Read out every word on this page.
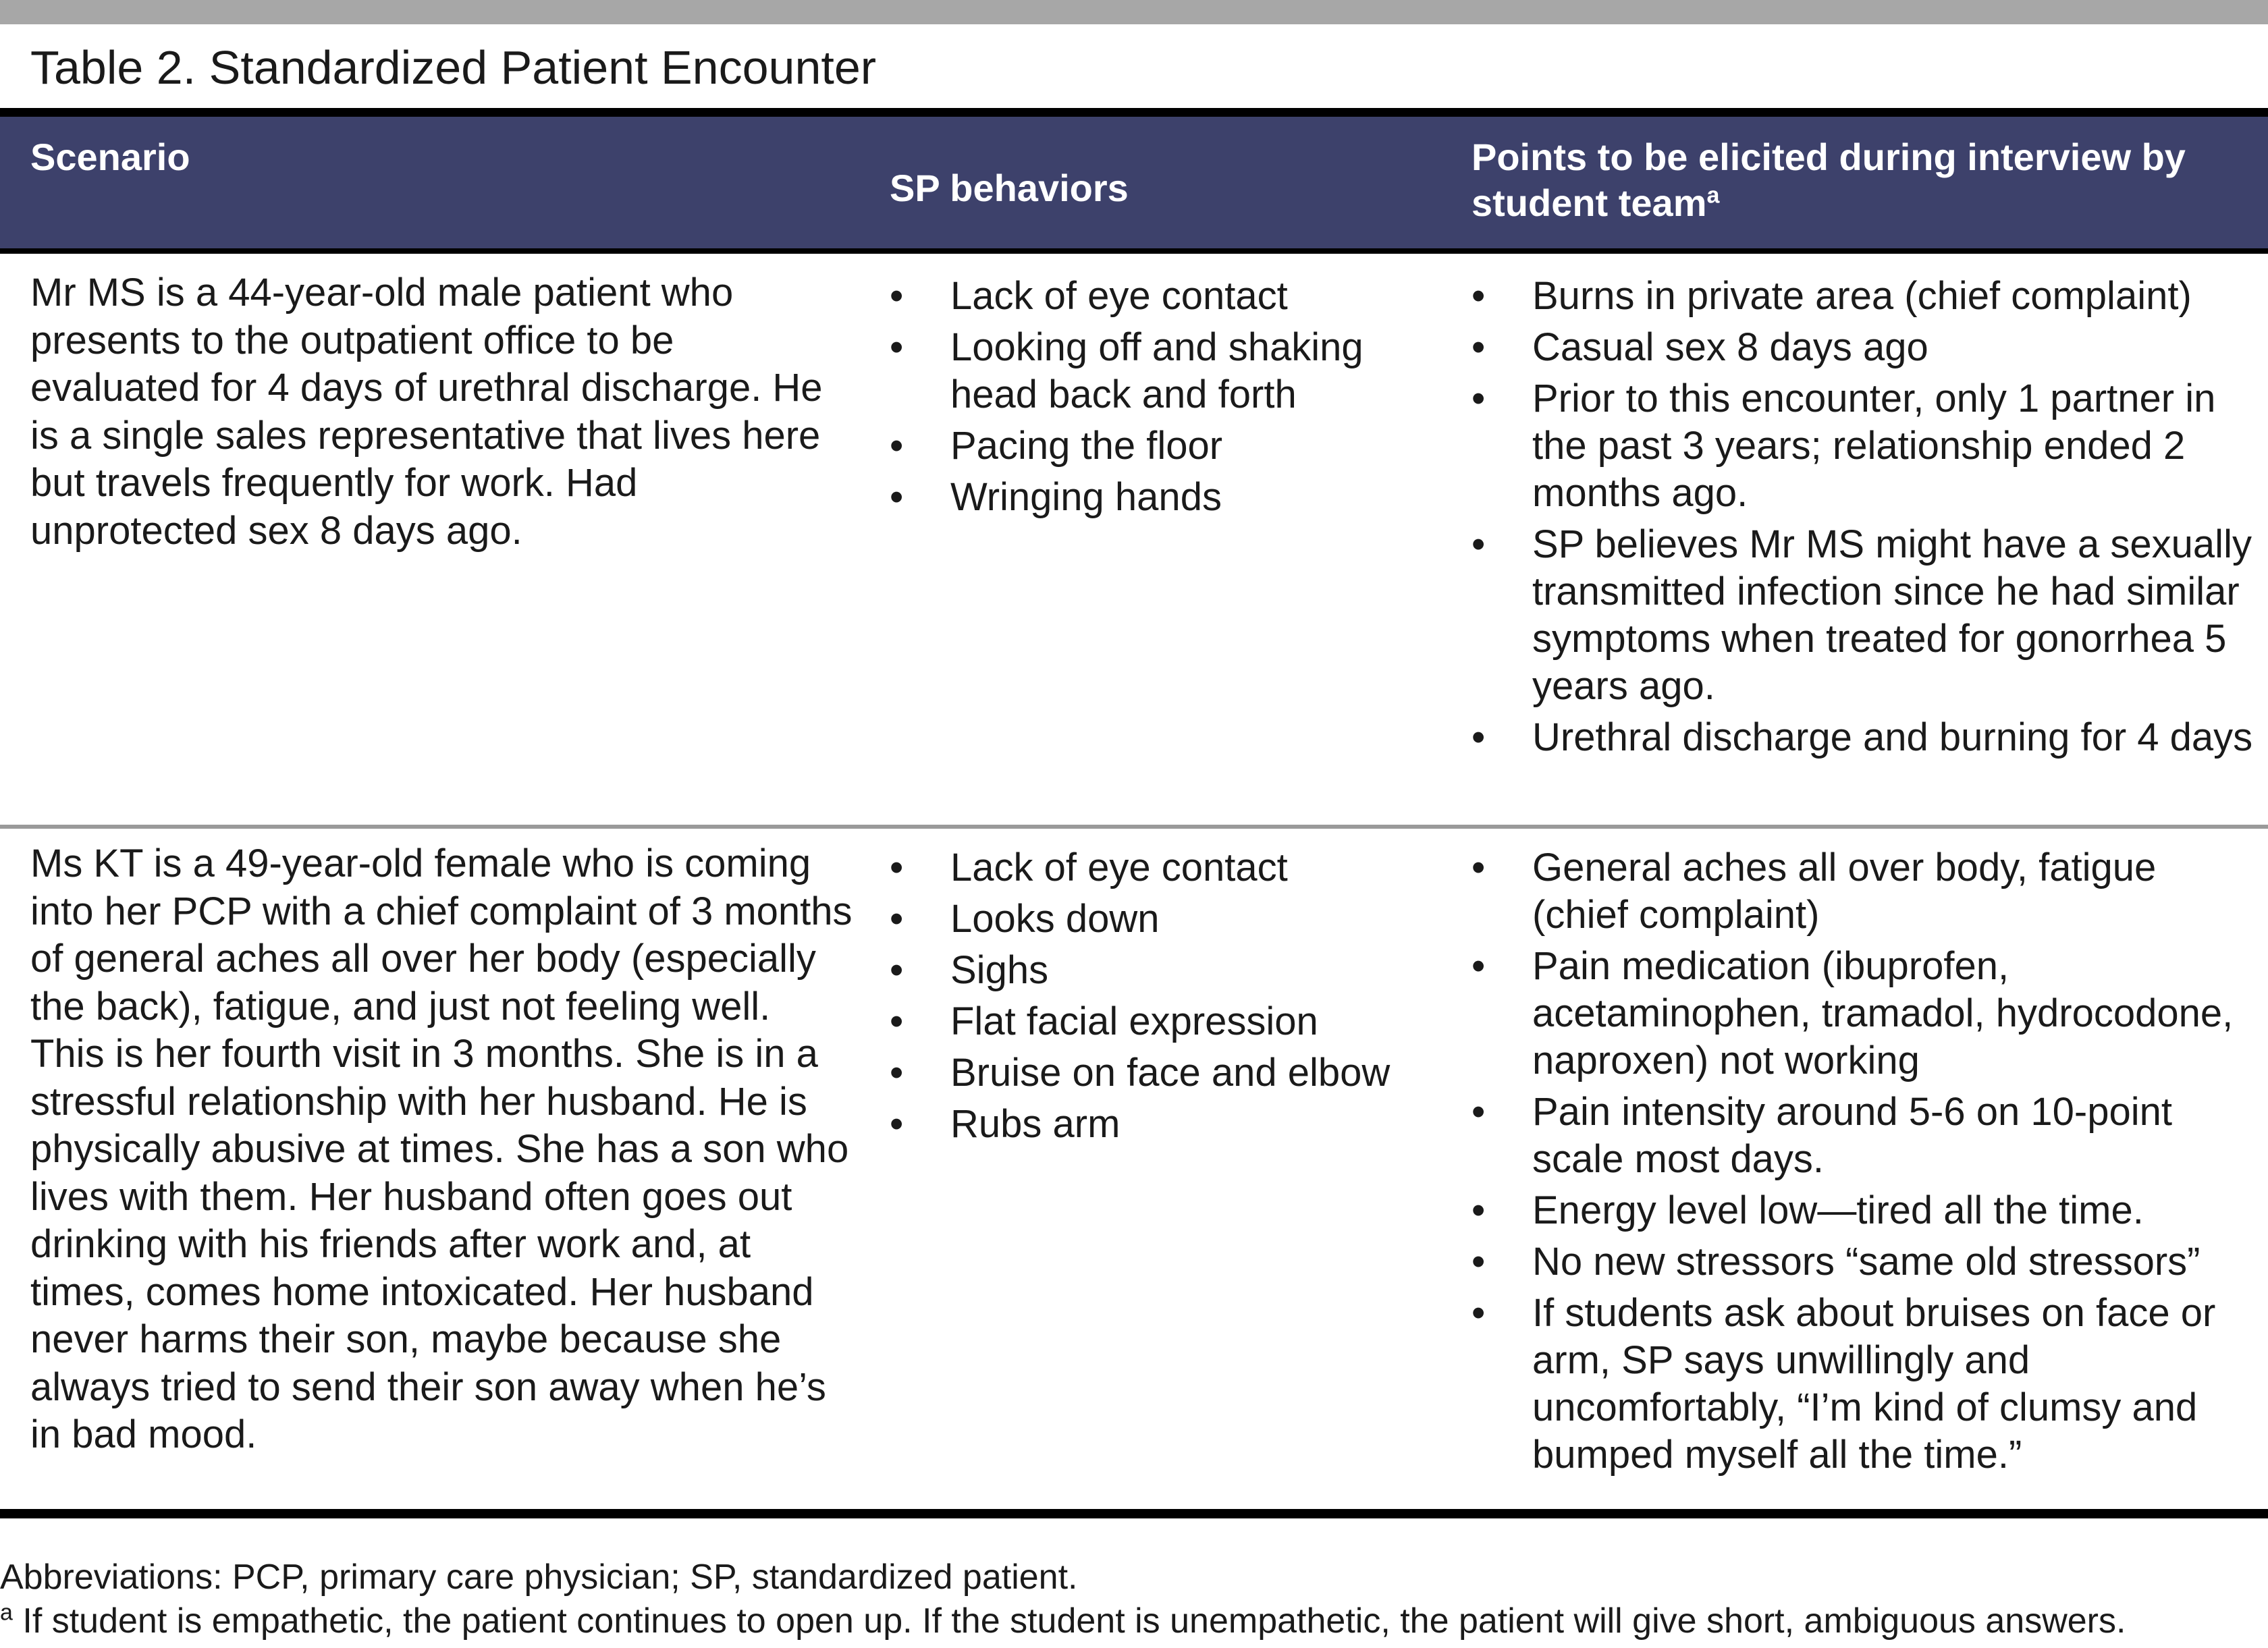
Table 2. Standardized Patient Encounter
Scenario
SP behaviors
Points to be elicited during interview by student team$^a$

Mr MS is a 44-year-old male patient who presents to the outpatient office to be evaluated for 4 days of urethral discharge. He is a single sales representative that lives here but travels frequently for work. Had unprotected sex 8 days ago.

• Lack of eye contact
• Looking off and shaking head back and forth
• Pacing the floor
• Wringing hands
• Burns in private area (chief complaint)
• Casual sex 8 days ago
• Prior to this encounter, only 1 partner in the past 3 years; relationship ended 2 months ago.
• SP believes Mr MS might have a sexually transmitted infection since he had similar symptoms when treated for gonorrhea 5 years ago.
• Urethral discharge and burning for 4 days

Ms KT is a 49-year-old female who is coming into her PCP with a chief complaint of 3 months of general aches all over her body (especially the back), fatigue, and just not feeling well. This is her fourth visit in 3 months. She is in a stressful relationship with her husband. He is physically abusive at times. She has a son who lives with them. Her husband often goes out drinking with his friends after work and, at times, comes home intoxicated. Her husband never harms their son, maybe because she always tried to send their son away when he’s in bad mood.

• Lack of eye contact
• Looks down
• Sighs
• Flat facial expression
• Bruise on face and elbow
• Rubs arm
• General aches all over body, fatigue (chief complaint)
• Pain medication (ibuprofen, acetaminophen, tramadol, hydrocodone, naproxen) not working
• Pain intensity around 5-6 on 10-point scale most days.
• Energy level low—tired all the time.
• No new stressors “same old stressors”
• If students ask about bruises on face or arm, SP says unwillingly and uncomfortably, “I’m kind of clumsy and bumped myself all the time.”
Abbreviations: PCP, primary care physician; SP, standardized patient.
$^a$ If student is empathetic, the patient continues to open up. If the student is unempathetic, the patient will give short, ambiguous answers.
